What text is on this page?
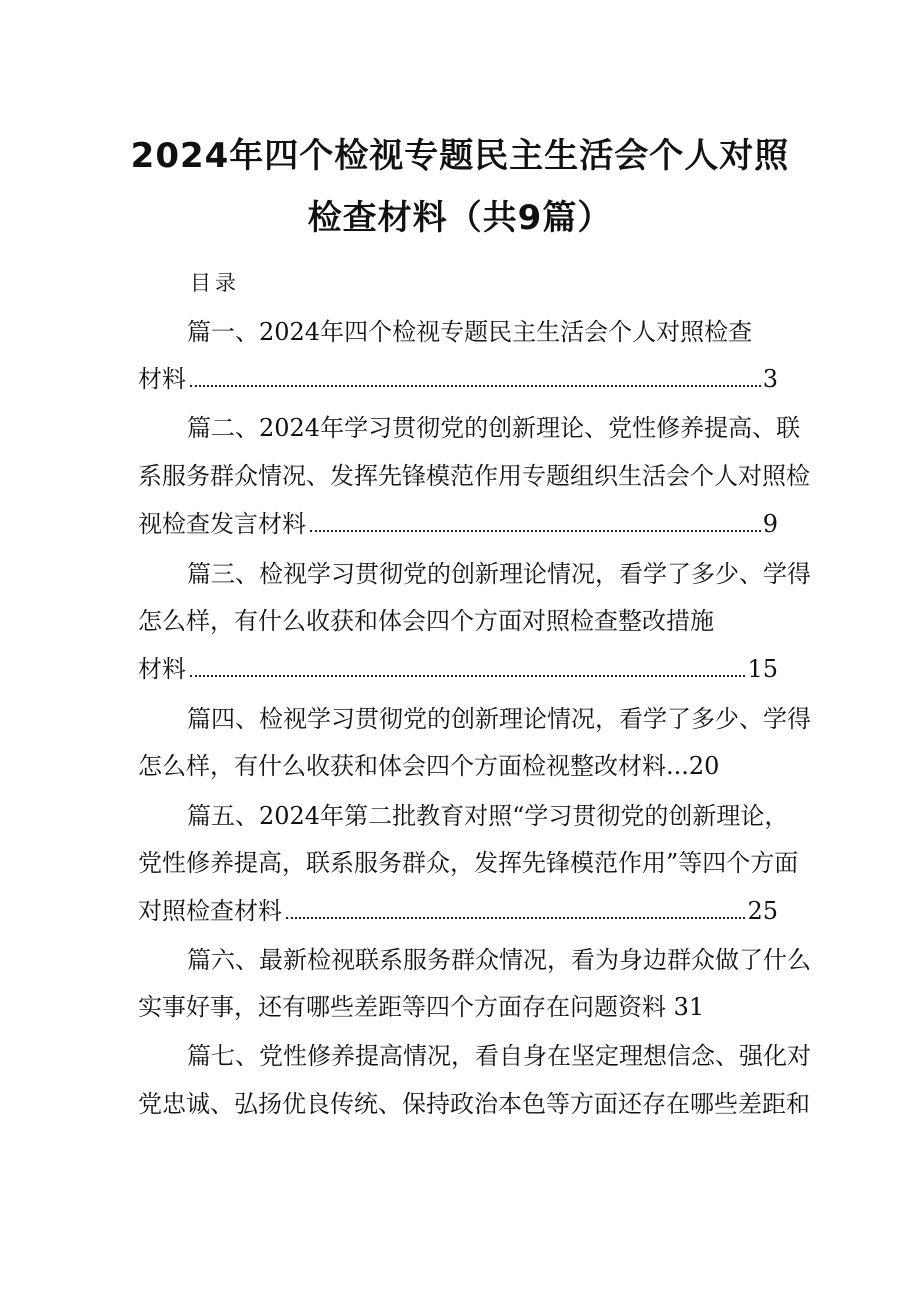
2024年四个检视专题民主生活会个人对照
检查材料（共9篇）
目录
篇一、2024年四个检视专题民主生活会个人对照检查
材料	3
篇二、2024年学习贯彻党的创新理论、党性修养提高、联
系服务群众情况、发挥先锋模范作用专题组织生活会个人对照检
视检查发言材料	9
篇三、检视学习贯彻党的创新理论情况，看学了多少、学得
怎么样，有什么收获和体会四个方面对照检查整改措施
材料	15
篇四、检视学习贯彻党的创新理论情况，看学了多少、学得
怎么样，有什么收获和体会四个方面检视整改材料...20
篇五、2024年第二批教育对照“学习贯彻党的创新理论，
党性修养提高，联系服务群众，发挥先锋模范作用”等四个方面
对照检查材料	25
篇六、最新检视联系服务群众情况，看为身边群众做了什么
实事好事，还有哪些差距等四个方面存在问题资料 31
篇七、党性修养提高情况，看自身在坚定理想信念、强化对
党忠诚、弘扬优良传统、保持政治本色等方面还存在哪些差距和
